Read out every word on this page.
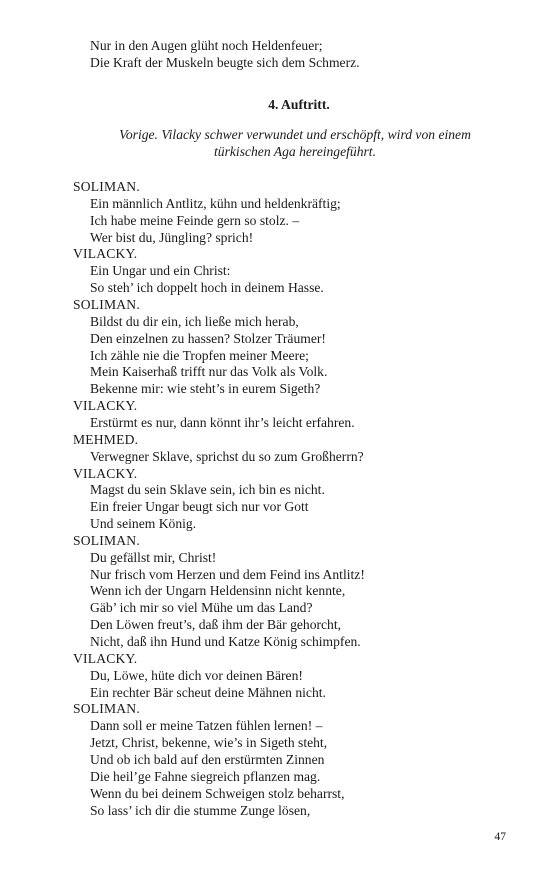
Nur in den Augen glüht noch Heldenfeuer;
Die Kraft der Muskeln beugte sich dem Schmerz.
4. Auftritt.
Vorige. Vilacky schwer verwundet und erschöpft, wird von einem
türkischen Aga hereingeführt.
SOLIMAN.
Ein männlich Antlitz, kühn und heldenkräftig;
Ich habe meine Feinde gern so stolz. –
Wer bist du, Jüngling? sprich!
VILACKY.
Ein Ungar und ein Christ:
So steh’ ich doppelt hoch in deinem Hasse.
SOLIMAN.
Bildst du dir ein, ich ließe mich herab,
Den einzelnen zu hassen? Stolzer Träumer!
Ich zähle nie die Tropfen meiner Meere;
Mein Kaiserhaß trifft nur das Volk als Volk.
Bekenne mir: wie steht’s in eurem Sigeth?
VILACKY.
Erstürmt es nur, dann könnt ihr’s leicht erfahren.
MEHMED.
Verwegner Sklave, sprichst du so zum Großherrn?
VILACKY.
Magst du sein Sklave sein, ich bin es nicht.
Ein freier Ungar beugt sich nur vor Gott
Und seinem König.
SOLIMAN.
Du gefällst mir, Christ!
Nur frisch vom Herzen und dem Feind ins Antlitz!
Wenn ich der Ungarn Heldensinn nicht kennte,
Gäb’ ich mir so viel Mühe um das Land?
Den Löwen freut’s, daß ihm der Bär gehorcht,
Nicht, daß ihn Hund und Katze König schimpfen.
VILACKY.
Du, Löwe, hüte dich vor deinen Bären!
Ein rechter Bär scheut deine Mähnen nicht.
SOLIMAN.
Dann soll er meine Tatzen fühlen lernen! –
Jetzt, Christ, bekenne, wie’s in Sigeth steht,
Und ob ich bald auf den erstürmten Zinnen
Die heil’ge Fahne siegreich pflanzen mag.
Wenn du bei deinem Schweigen stolz beharrst,
So lass’ ich dir die stumme Zunge lösen,
47
